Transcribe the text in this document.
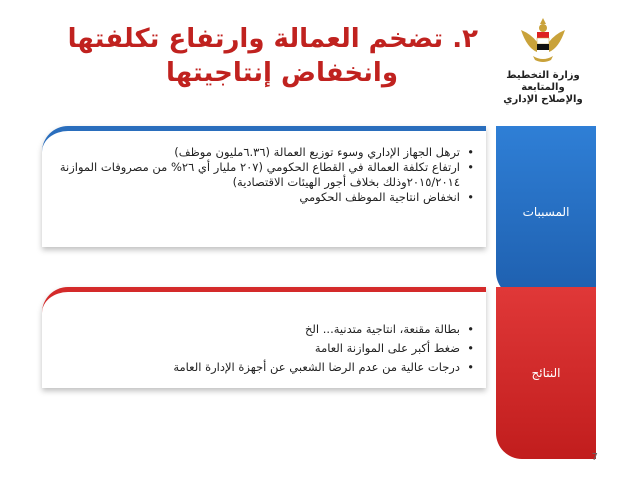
٢. تضخم العمالة وارتفاع تكلفتها
وانخفاض إنتاجيتها	وزارة التخطيط والمتابعة
والإصلاح الإداري
المسببات
• ترهل الجهاز الإداري وسوء توزيع العمالة (٦.٣٦مليون موظف)
• ارتفاع تكلفة العمالة في القطاع الحكومي (٢٠٧ مليار أي ٢٦% من مصروفات الموازنة ٢٠١٥/٢٠١٤وذلك بخلاف أجور الهيئات الاقتصادية)
• انخفاض انتاجية الموظف الحكومي
النتائج
• بطالة مقنعة، انتاجية متدنية... الخ
• ضغط أكبر على الموازنة العامة
• درجات عالية من عدم الرضا الشعبي عن أجهزة الإدارة العامة
7
